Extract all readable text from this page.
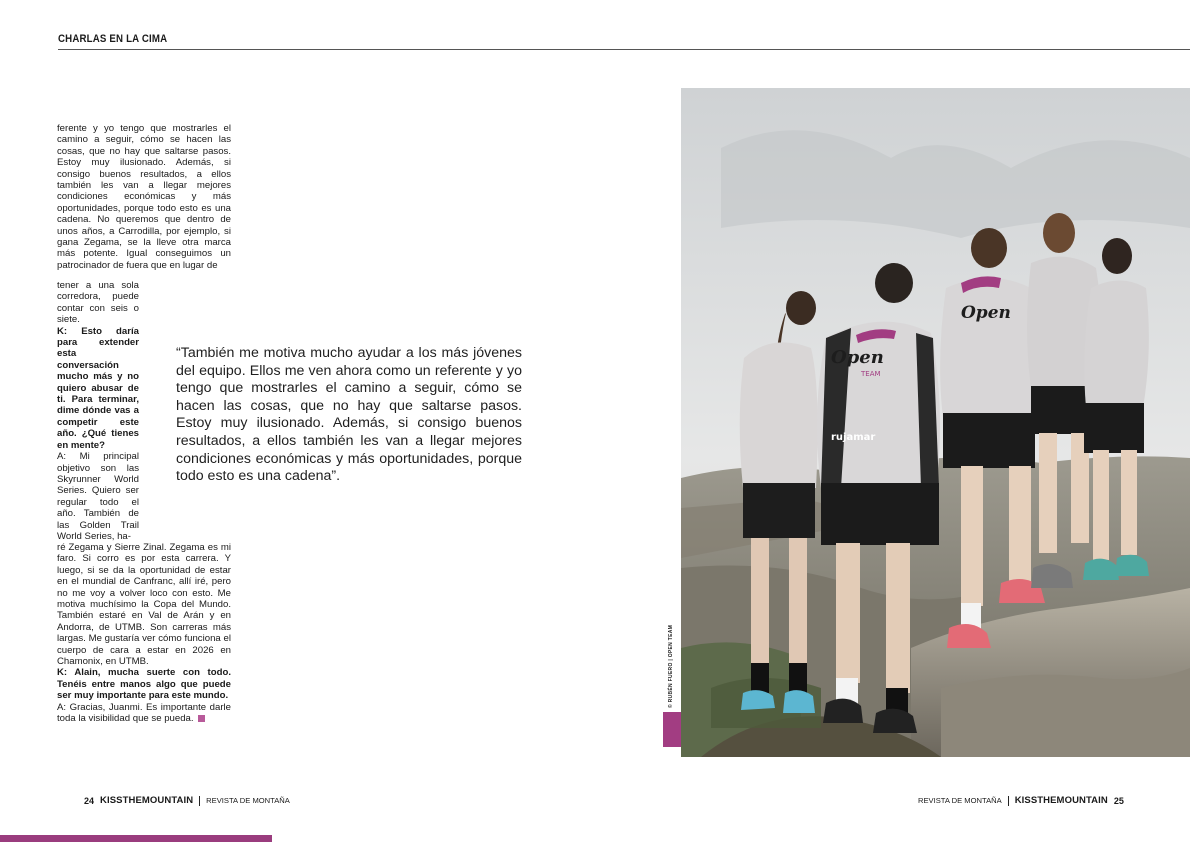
CHARLAS EN LA CIMA

ferente y yo tengo que mostrarles el camino a seguir, cómo se hacen las cosas, que no hay que saltarse pasos. Estoy muy ilusionado. Además, si consigo buenos resultados, a ellos también les van a llegar mejores condiciones económicas y más oportunidades, porque todo esto es una cadena. No queremos que dentro de unos años, a Carrodilla, por ejemplo, si gana Zegama, se la lleve otra marca más potente. Igual conseguimos un patrocinador de fuera que en lugar de

tener a una sola corredora, puede contar con seis o siete.

K: Esto daría para extender esta conversación mucho más y no quiero abusar de ti. Para terminar, dime dónde vas a competir este año. ¿Qué tienes en mente?

A: Mi principal objetivo son las Skyrunner World Series. Quiero ser regular todo el año. También de las Golden Trail World Series, ha-

ré Zegama y Sierre Zinal. Zegama es mi faro. Si corro es por esta carrera. Y luego, si se da la oportunidad de estar en el mundial de Canfranc, allí iré, pero no me voy a volver loco con esto. Me motiva muchísimo la Copa del Mundo. También estaré en Val de Arán y en Andorra, de UTMB. Son carreras más largas. Me gustaría ver cómo funciona el cuerpo de cara a estar en 2026 en Chamonix, en UTMB.

K: Alain, mucha suerte con todo. Tenéis entre manos algo que puede ser muy importante para este mundo.

A: Gracias, Juanmi. Es importante darle toda la visibilidad que se pueda.

“También me motiva mucho ayudar a los más jóvenes del equipo. Ellos me ven ahora como un referente y yo tengo que mostrarles el camino a seguir, cómo se hacen las cosas, que no hay que saltarse pasos. Estoy muy ilusionado. Además, si consigo buenos resultados, a ellos también les van a llegar mejores condiciones económicas y más oportunidades, porque todo esto es una cadena”.
Open
TEAM
rujamar
Open
© RUBÉN FUERO | OPEN TEAM
24 KISSTHEMOUNTAIN REVISTA DE MONTAÑA	REVISTA DE MONTAÑA KISSTHEMOUNTAIN 25
